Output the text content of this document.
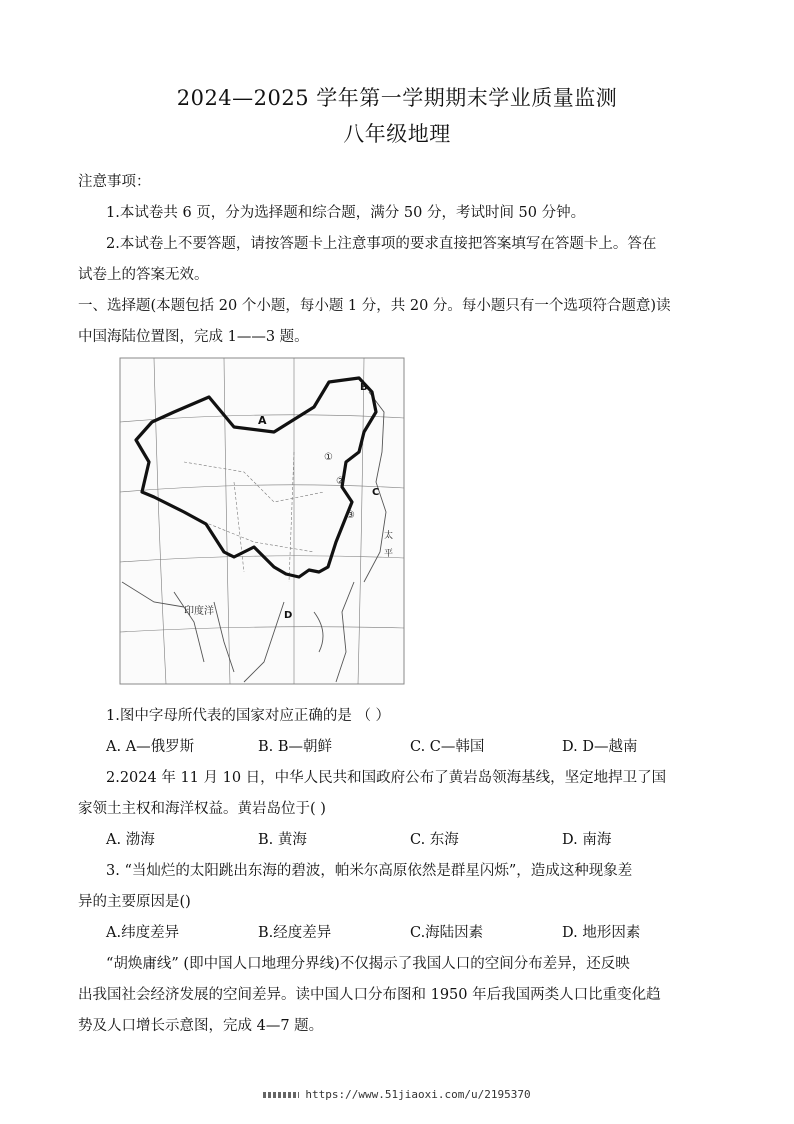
2024—2025 学年第一学期期末学业质量监测
八年级地理
注意事项：
1.本试卷共 6 页，分为选择题和综合题，满分 50 分，考试时间 50 分钟。
2.本试卷上不要答题，请按答题卡上注意事项的要求直接把答案填写在答题卡上。答在
试卷上的答案无效。
一、选择题(本题包括 20 个小题，每小题 1 分，共 20 分。每小题只有一个选项符合题意)读
中国海陆位置图，完成 1——3 题。
A
B
C
D
印度洋
太
平
①
②
③
1.图中字母所代表的国家对应正确的是 （ ）
A. A—俄罗斯	B. B—朝鲜	C. C—韩国	D. D—越南
2.2024 年 11 月 10 日，中华人民共和国政府公布了黄岩岛领海基线，坚定地捍卫了国
家领土主权和海洋权益。黄岩岛位于( )
A. 渤海	B. 黄海	C. 东海	D. 南海
3. “当灿烂的太阳跳出东海的碧波，帕米尔高原依然是群星闪烁”，造成这种现象差
异的主要原因是()
A.纬度差异	B.经度差异	C.海陆因素	D. 地形因素
“胡焕庸线” (即中国人口地理分界线)不仅揭示了我国人口的空间分布差异，还反映
出我国社会经济发展的空间差异。读中国人口分布图和 1950 年后我国两类人口比重变化趋
势及人口增长示意图，完成 4—7 题。
https://www.51jiaoxi.com/u/2195370
